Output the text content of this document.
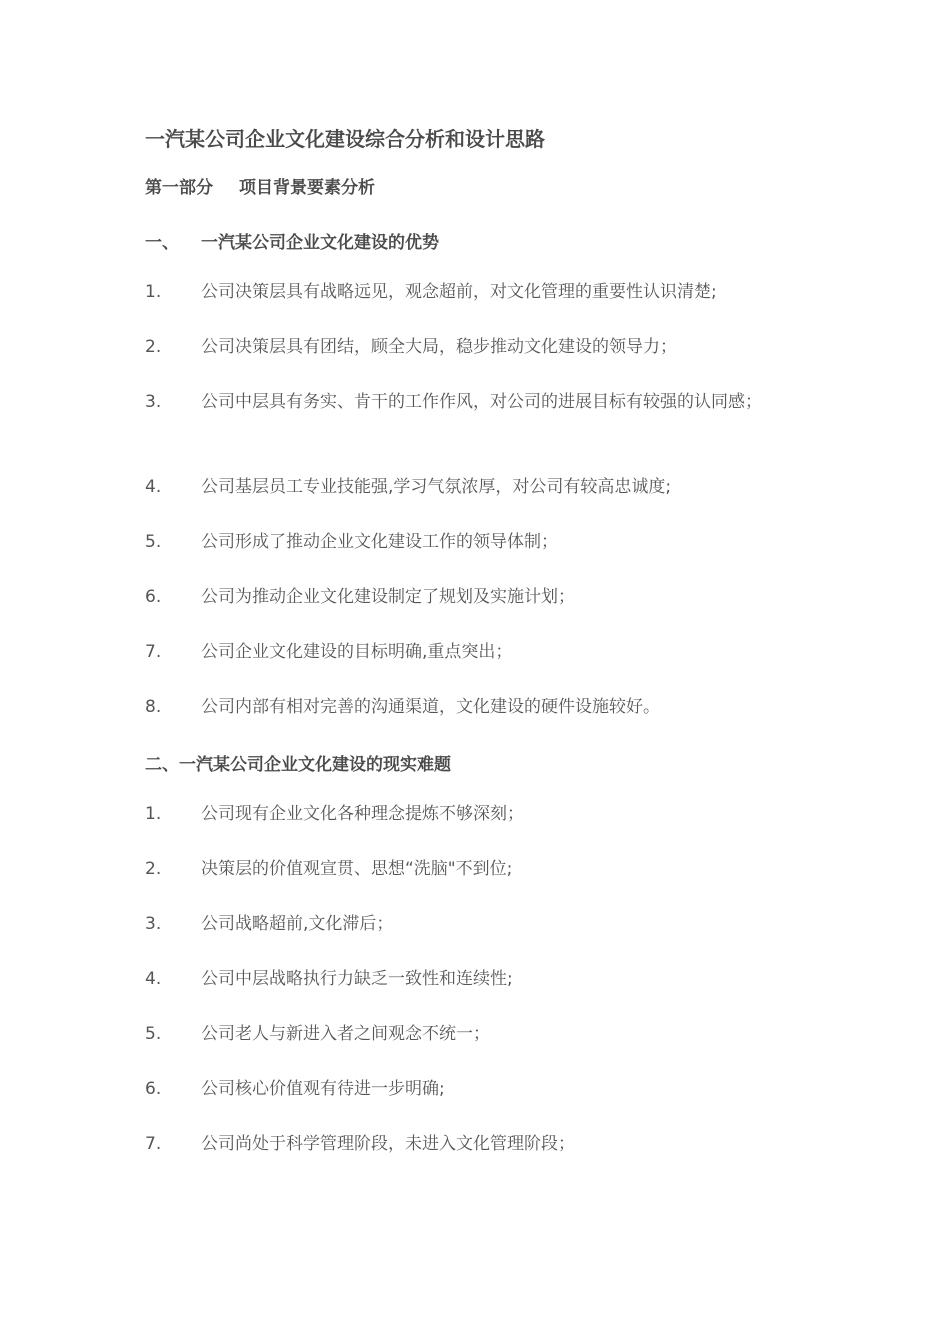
一汽某公司企业文化建设综合分析和设计思路
第一部分 项目背景要素分析
一、 一汽某公司企业文化建设的优势
1. 公司决策层具有战略远见，观念超前，对文化管理的重要性认识清楚;
2. 公司决策层具有团结，顾全大局，稳步推动文化建设的领导力；
3. 公司中层具有务实、肯干的工作作风，对公司的进展目标有较强的认同感；
4. 公司基层员工专业技能强,学习气氛浓厚，对公司有较高忠诚度;
5. 公司形成了推动企业文化建设工作的领导体制；
6. 公司为推动企业文化建设制定了规划及实施计划；
7. 公司企业文化建设的目标明确,重点突出；
8. 公司内部有相对完善的沟通渠道，文化建设的硬件设施较好。
二、一汽某公司企业文化建设的现实难题
1. 公司现有企业文化各种理念提炼不够深刻；
2. 决策层的价值观宣贯、思想“洗脑"不到位;
3. 公司战略超前,文化滞后；
4. 公司中层战略执行力缺乏一致性和连续性;
5. 公司老人与新进入者之间观念不统一；
6. 公司核心价值观有待进一步明确;
7. 公司尚处于科学管理阶段，未进入文化管理阶段；
